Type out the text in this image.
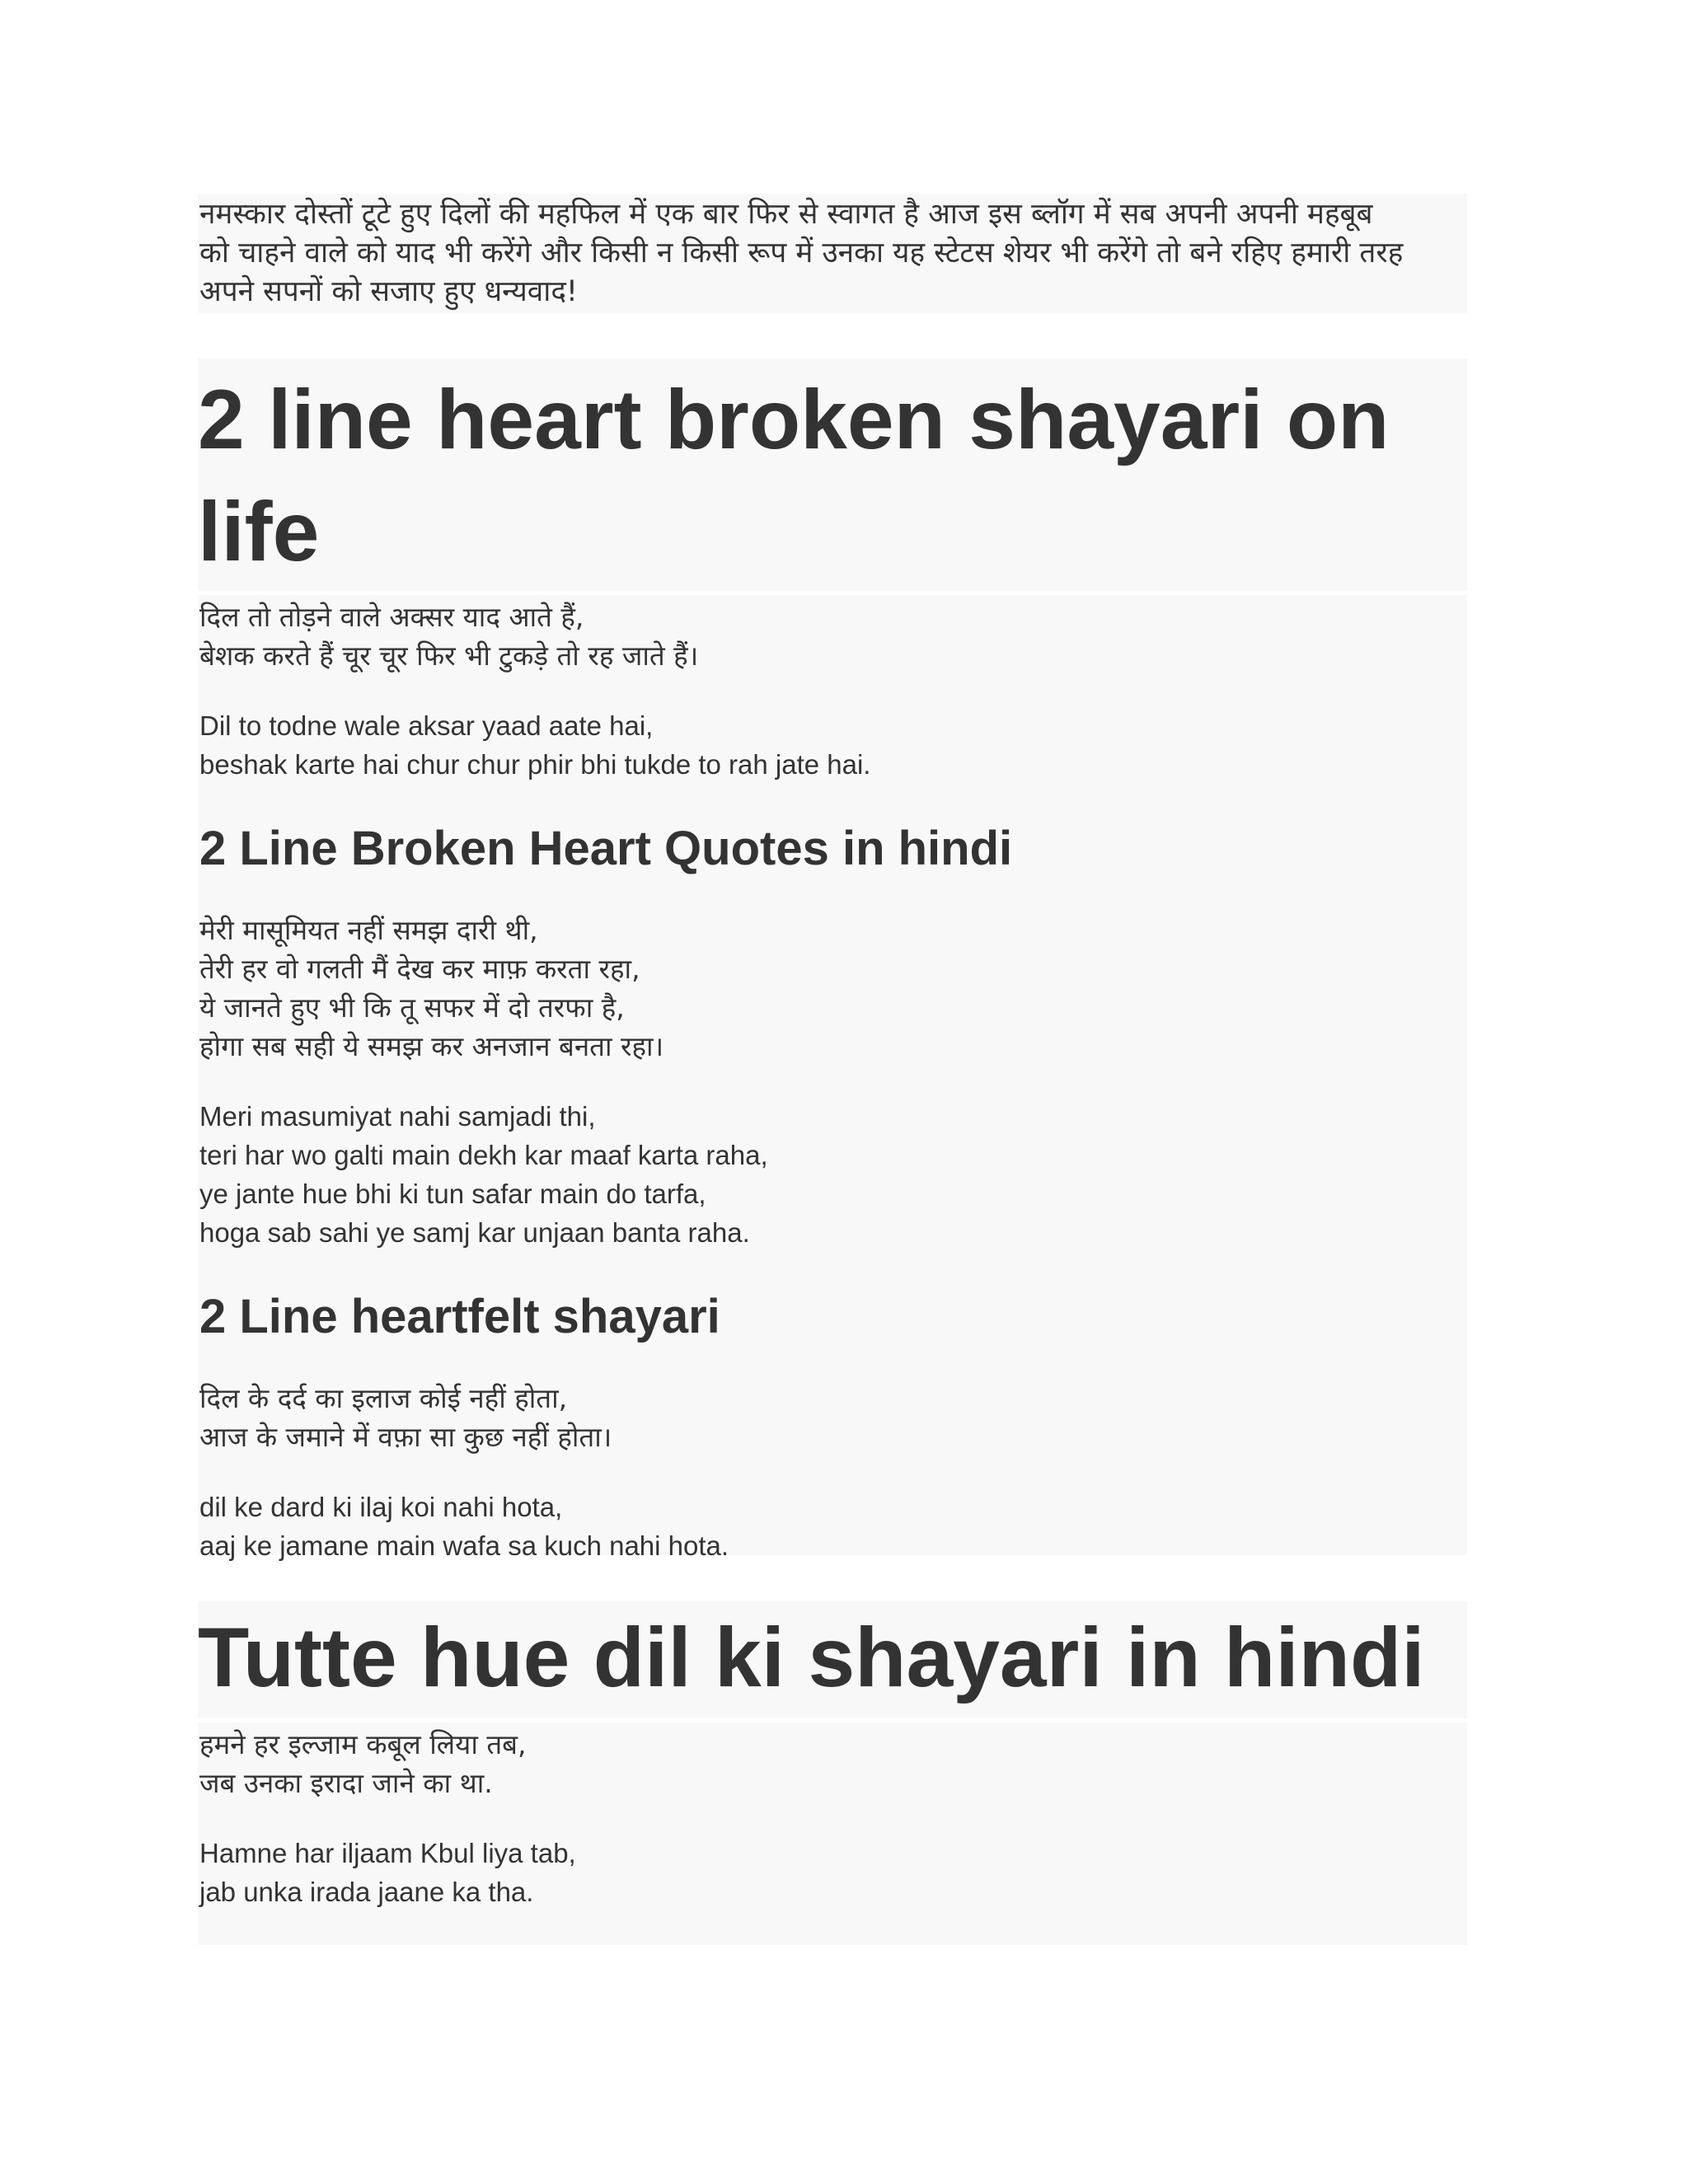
नमस्कार दोस्तों टूटे हुए दिलों की महफिल में एक बार फिर से स्वागत है आज इस ब्लॉग में सब अपनी अपनी महबूब
को चाहने वाले को याद भी करेंगे और किसी न किसी रूप में उनका यह स्टेटस शेयर भी करेंगे तो बने रहिए हमारी तरह
अपने सपनों को सजाए हुए धन्यवाद!
2 line heart broken shayari on
life

दिल तो तोड़ने वाले अक्सर याद आते हैं,
बेशक करते हैं चूर चूर फिर भी टुकड़े तो रह जाते हैं।

Dil to todne wale aksar yaad aate hai,
beshak karte hai chur chur phir bhi tukde to rah jate hai.

2 Line Broken Heart Quotes in hindi

मेरी मासूमियत नहीं समझ दारी थी,
तेरी हर वो गलती मैं देख कर माफ़ करता रहा,
ये जानते हुए भी कि तू सफर में दो तरफा है,
होगा सब सही ये समझ कर अनजान बनता रहा।

Meri masumiyat nahi samjadi thi,
teri har wo galti main dekh kar maaf karta raha,
ye jante hue bhi ki tun safar main do tarfa,
hoga sab sahi ye samj kar unjaan banta raha.

2 Line heartfelt shayari

दिल के दर्द का इलाज कोई नहीं होता,
आज के जमाने में वफ़ा सा कुछ नहीं होता।

dil ke dard ki ilaj koi nahi hota,
aaj ke jamane main wafa sa kuch nahi hota.

Tutte hue dil ki shayari in hindi

हमने हर इल्जाम कबूल लिया तब,
जब उनका इरादा जाने का था.

Hamne har iljaam Kbul liya tab,
jab unka irada jaane ka tha.
